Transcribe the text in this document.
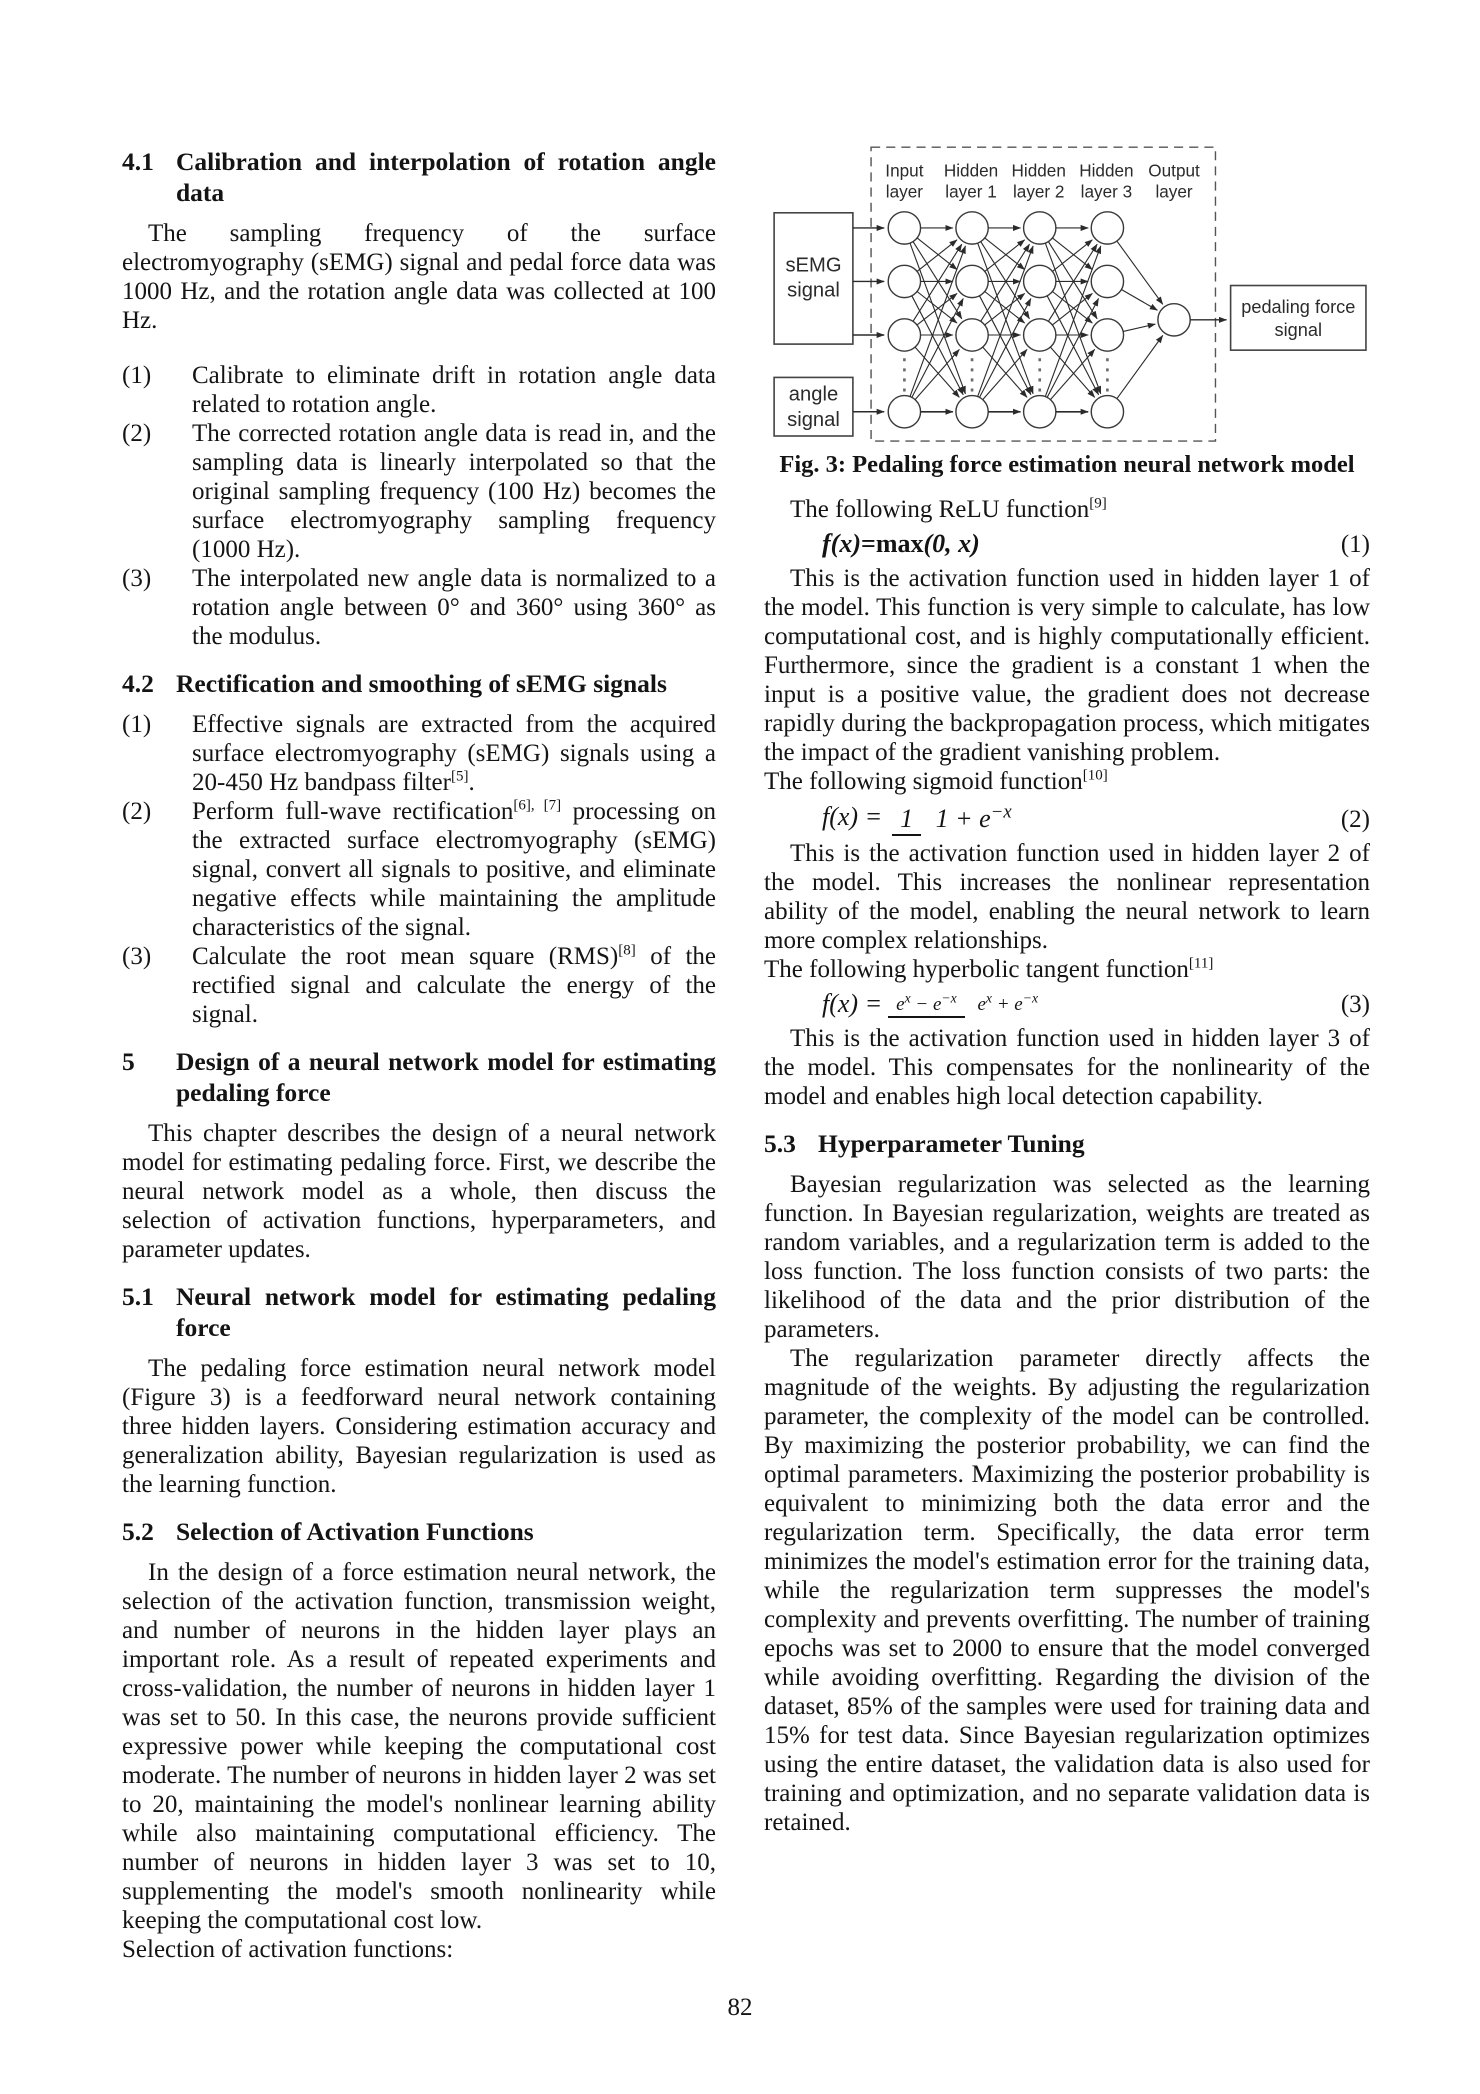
4.1 Calibration and interpolation of rotation angle data

The sampling frequency of the surface electromyography (sEMG) signal and pedal force data was 1000 Hz, and the rotation angle data was collected at 100 Hz.

(1) Calibrate to eliminate drift in rotation angle data related to rotation angle.
(2) The corrected rotation angle data is read in, and the sampling data is linearly interpolated so that the original sampling frequency (100 Hz) becomes the surface electromyography sampling frequency (1000 Hz).
(3) The interpolated new angle data is normalized to a rotation angle between 0° and 360° using 360° as the modulus.
4.2 Rectification and smoothing of sEMG signals
(1) Effective signals are extracted from the acquired surface electromyography (sEMG) signals using a 20-450 Hz bandpass filter[5].
(2) Perform full-wave rectification[6], [7] processing on the extracted surface electromyography (sEMG) signal, convert all signals to positive, and eliminate negative effects while maintaining the amplitude characteristics of the signal.
(3) Calculate the root mean square (RMS)[8] of the rectified signal and calculate the energy of the signal.
5 Design of a neural network model for estimating pedaling force

This chapter describes the design of a neural network model for estimating pedaling force. First, we describe the neural network model as a whole, then discuss the selection of activation functions, hyperparameters, and parameter updates.

5.1 Neural network model for estimating pedaling force

The pedaling force estimation neural network model (Figure 3) is a feedforward neural network containing three hidden layers. Considering estimation accuracy and generalization ability, Bayesian regularization is used as the learning function.

5.2 Selection of Activation Functions

In the design of a force estimation neural network, the selection of the activation function, transmission weight, and number of neurons in the hidden layer plays an important role. As a result of repeated experiments and cross-validation, the number of neurons in hidden layer 1 was set to 50. In this case, the neurons provide sufficient expressive power while keeping the computational cost moderate. The number of neurons in hidden layer 2 was set to 20, maintaining the model's nonlinear learning ability while also maintaining computational efficiency. The number of neurons in hidden layer 3 was set to 10, supplementing the model's smooth nonlinearity while keeping the computational cost low.

Selection of activation functions:

Input
layer
Hidden
layer 1
Hidden
layer 2
Hidden
layer 3
Output
layer
sEMG
signal
angle
signal
pedaling force
signal
Fig. 3: Pedaling force estimation neural network model

The following ReLU function[9]

f(x) = max (0, x)	(1)

This is the activation function used in hidden layer 1 of the model. This function is very simple to calculate, has low computational cost, and is highly computationally efficient. Furthermore, since the gradient is a constant 1 when the input is a positive value, the gradient does not decrease rapidly during the backpropagation process, which mitigates the impact of the gradient vanishing problem.

The following sigmoid function[10]

f(x) = 1 $1 + e^{-x}$	(2)

This is the activation function used in hidden layer 2 of the model. This increases the nonlinear representation ability of the model, enabling the neural network to learn more complex relationships.

The following hyperbolic tangent function[11]

$f(x) = e^x - e^{-x}$ $e^x + e^{-x}$	(3)

This is the activation function used in hidden layer 3 of the model. This compensates for the nonlinearity of the model and enables high local detection capability.

5.3 Hyperparameter Tuning

Bayesian regularization was selected as the learning function. In Bayesian regularization, weights are treated as random variables, and a regularization term is added to the loss function. The loss function consists of two parts: the likelihood of the data and the prior distribution of the parameters.

The regularization parameter directly affects the magnitude of the weights. By adjusting the regularization parameter, the complexity of the model can be controlled. By maximizing the posterior probability, we can find the optimal parameters. Maximizing the posterior probability is equivalent to minimizing both the data error and the regularization term. Specifically, the data error term minimizes the model's estimation error for the training data, while the regularization term suppresses the model's complexity and prevents overfitting. The number of training epochs was set to 2000 to ensure that the model converged while avoiding overfitting. Regarding the division of the dataset, 85% of the samples were used for training data and 15% for test data. Since Bayesian regularization optimizes using the entire dataset, the validation data is also used for training and optimization, and no separate validation data is retained.

82
